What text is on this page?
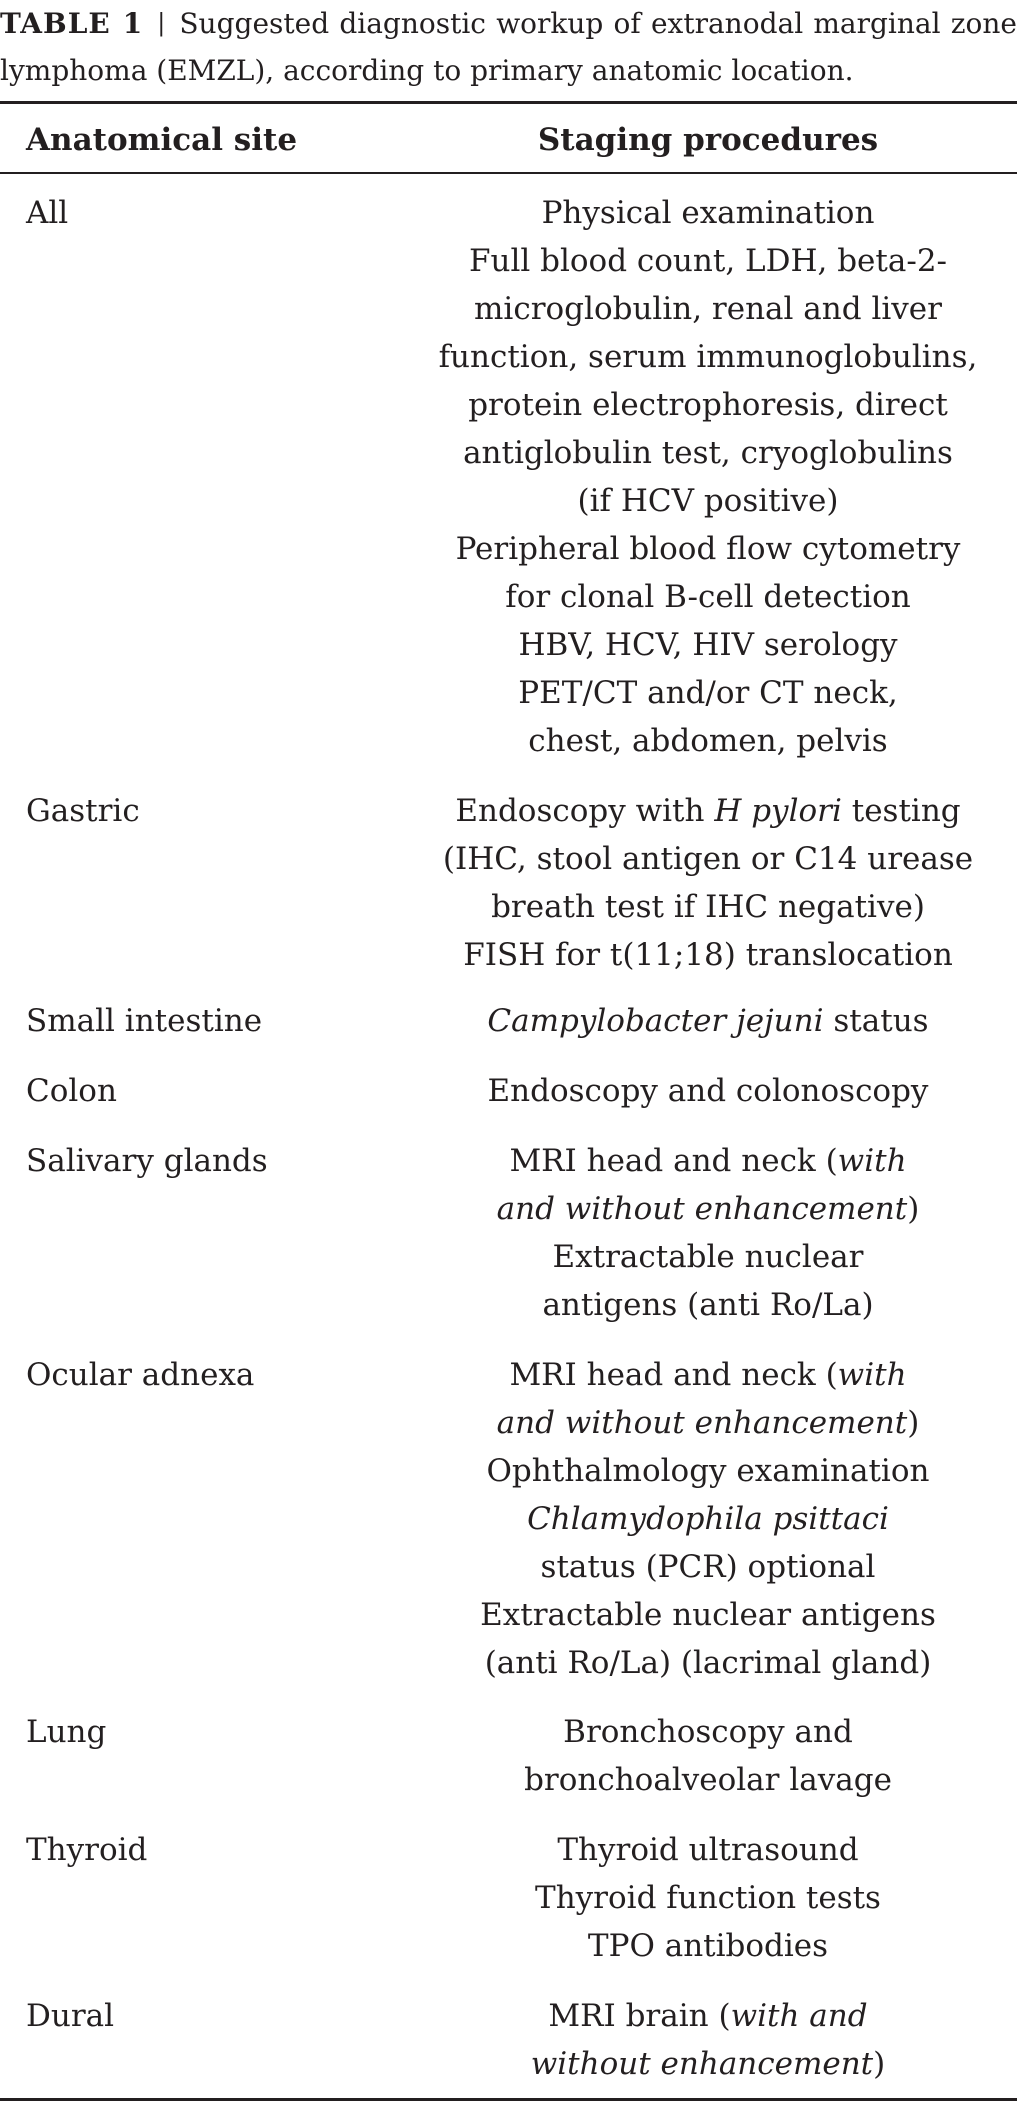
TABLE 1 | Suggested diagnostic workup of extranodal marginal zone lymphoma (EMZL), according to primary anatomic location.
Anatomical site	Staging procedures
All	Physical examination
Full blood count, LDH, beta-2-
microglobulin, renal and liver
function, serum immunoglobulins,
protein electrophoresis, direct
antiglobulin test, cryoglobulins
(if HCV positive)
Peripheral blood flow cytometry
for clonal B-cell detection
HBV, HCV, HIV serology
PET/CT and/or CT neck,
chest, abdomen, pelvis
Gastric	Endoscopy with H pylori testing
(IHC, stool antigen or C14 urease
breath test if IHC negative)
FISH for t(11;18) translocation
Small intestine	Campylobacter jejuni status
Colon	Endoscopy and colonoscopy
Salivary glands	MRI head and neck (with
and without enhancement)
Extractable nuclear
antigens (anti Ro/La)
Ocular adnexa	MRI head and neck (with
and without enhancement)
Ophthalmology examination
Chlamydophila psittaci
status (PCR) optional
Extractable nuclear antigens
(anti Ro/La) (lacrimal gland)
Lung	Bronchoscopy and
bronchoalveolar lavage
Thyroid	Thyroid ultrasound
Thyroid function tests
TPO antibodies
Dural	MRI brain (with and
without enhancement)
